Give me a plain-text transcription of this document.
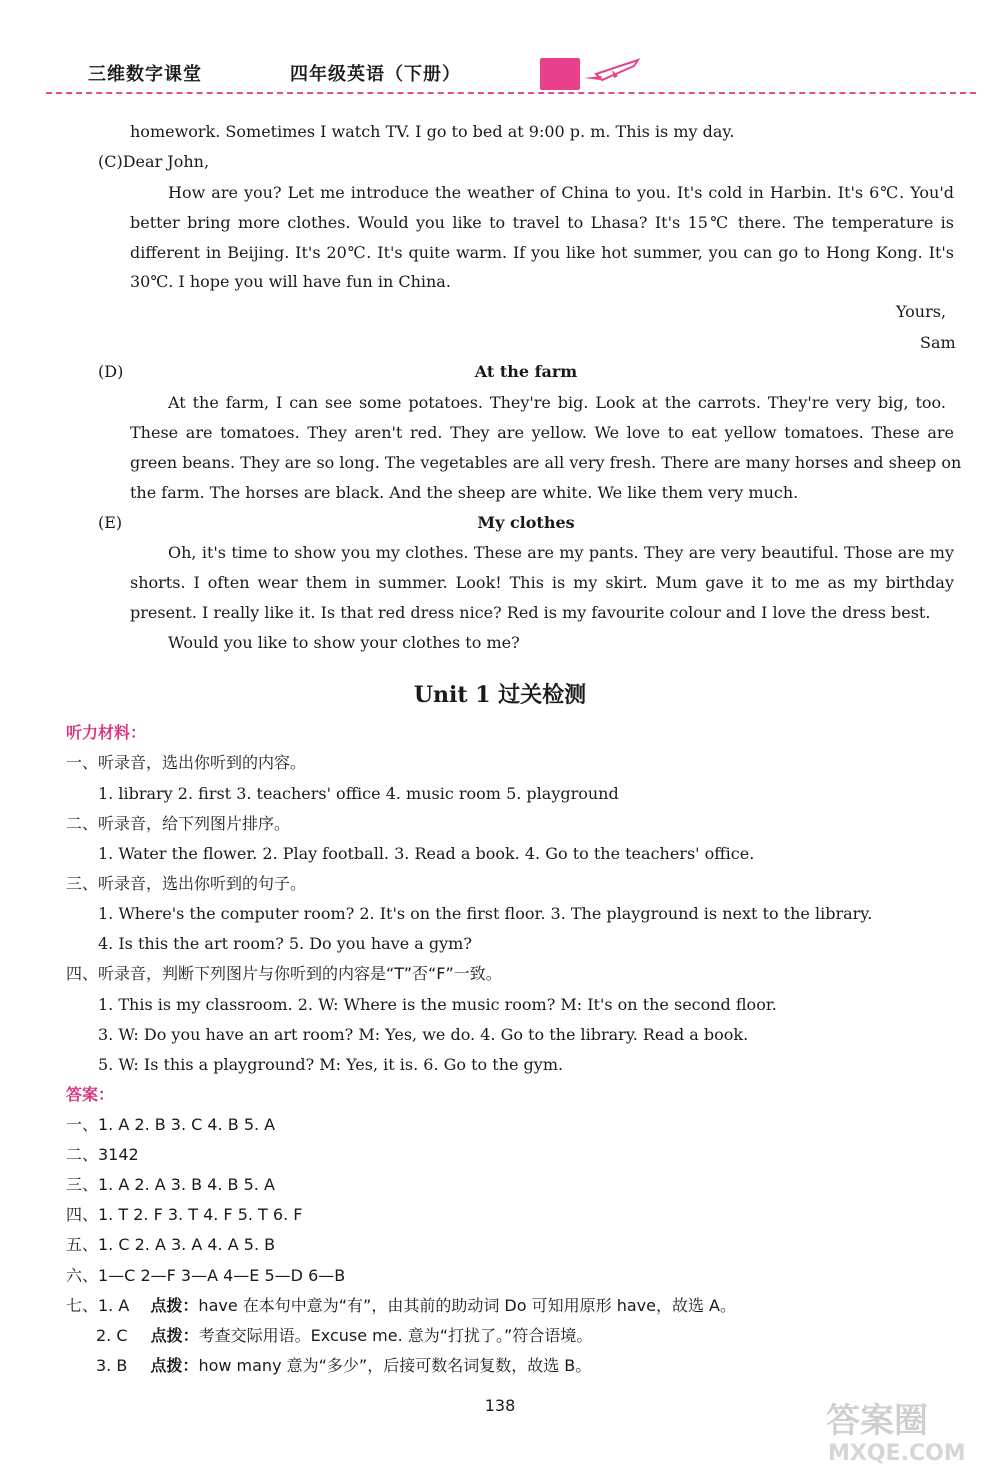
三维数字课堂	四年级英语（下册）
homework. Sometimes I watch TV. I go to bed at 9:00 p. m. This is my day.
(C)Dear John,
How are you? Let me introduce the weather of China to you. It's cold in Harbin. It's 6℃. You'd
better bring more clothes. Would you like to travel to Lhasa? It's 15℃ there. The temperature is
different in Beijing. It's 20℃. It's quite warm. If you like hot summer, you can go to Hong Kong. It's
30℃. I hope you will have fun in China.
Yours,
Sam
(D)	At the farm
At the farm, I can see some potatoes. They're big. Look at the carrots. They're very big, too.
These are tomatoes. They aren't red. They are yellow. We love to eat yellow tomatoes. These are
green beans. They are so long. The vegetables are all very fresh. There are many horses and sheep on
the farm. The horses are black. And the sheep are white. We like them very much.
(E)	My clothes
Oh, it's time to show you my clothes. These are my pants. They are very beautiful. Those are my
shorts. I often wear them in summer. Look! This is my skirt. Mum gave it to me as my birthday
present. I really like it. Is that red dress nice? Red is my favourite colour and I love the dress best.
Would you like to show your clothes to me?
Unit 1 过关检测
听力材料：
一、听录音，选出你听到的内容。
1. library 2. first 3. teachers' office 4. music room 5. playground
二、听录音，给下列图片排序。
1. Water the flower. 2. Play football. 3. Read a book. 4. Go to the teachers' office.
三、听录音，选出你听到的句子。
1. Where's the computer room? 2. It's on the first floor. 3. The playground is next to the library.
4. Is this the art room? 5. Do you have a gym?
四、听录音，判断下列图片与你听到的内容是“T”否“F”一致。
1. This is my classroom. 2. W: Where is the music room? M: It's on the second floor.
3. W: Do you have an art room? M: Yes, we do. 4. Go to the library. Read a book.
5. W: Is this a playground? M: Yes, it is. 6. Go to the gym.
答案：
一、1. A 2. B 3. C 4. B 5. A
二、3142
三、1. A 2. A 3. B 4. B 5. A
四、1. T 2. F 3. T 4. F 5. T 6. F
五、1. C 2. A 3. A 4. A 5. B
六、1—C 2—F 3—A 4—E 5—D 6—B
七、1. A 点拨：have 在本句中意为“有”，由其前的助动词 Do 可知用原形 have，故选 A。
2. C 点拨：考查交际用语。Excuse me. 意为“打扰了。”符合语境。
3. B 点拨：how many 意为“多少”，后接可数名词复数，故选 B。
138	答案圈
MXQE.COM
